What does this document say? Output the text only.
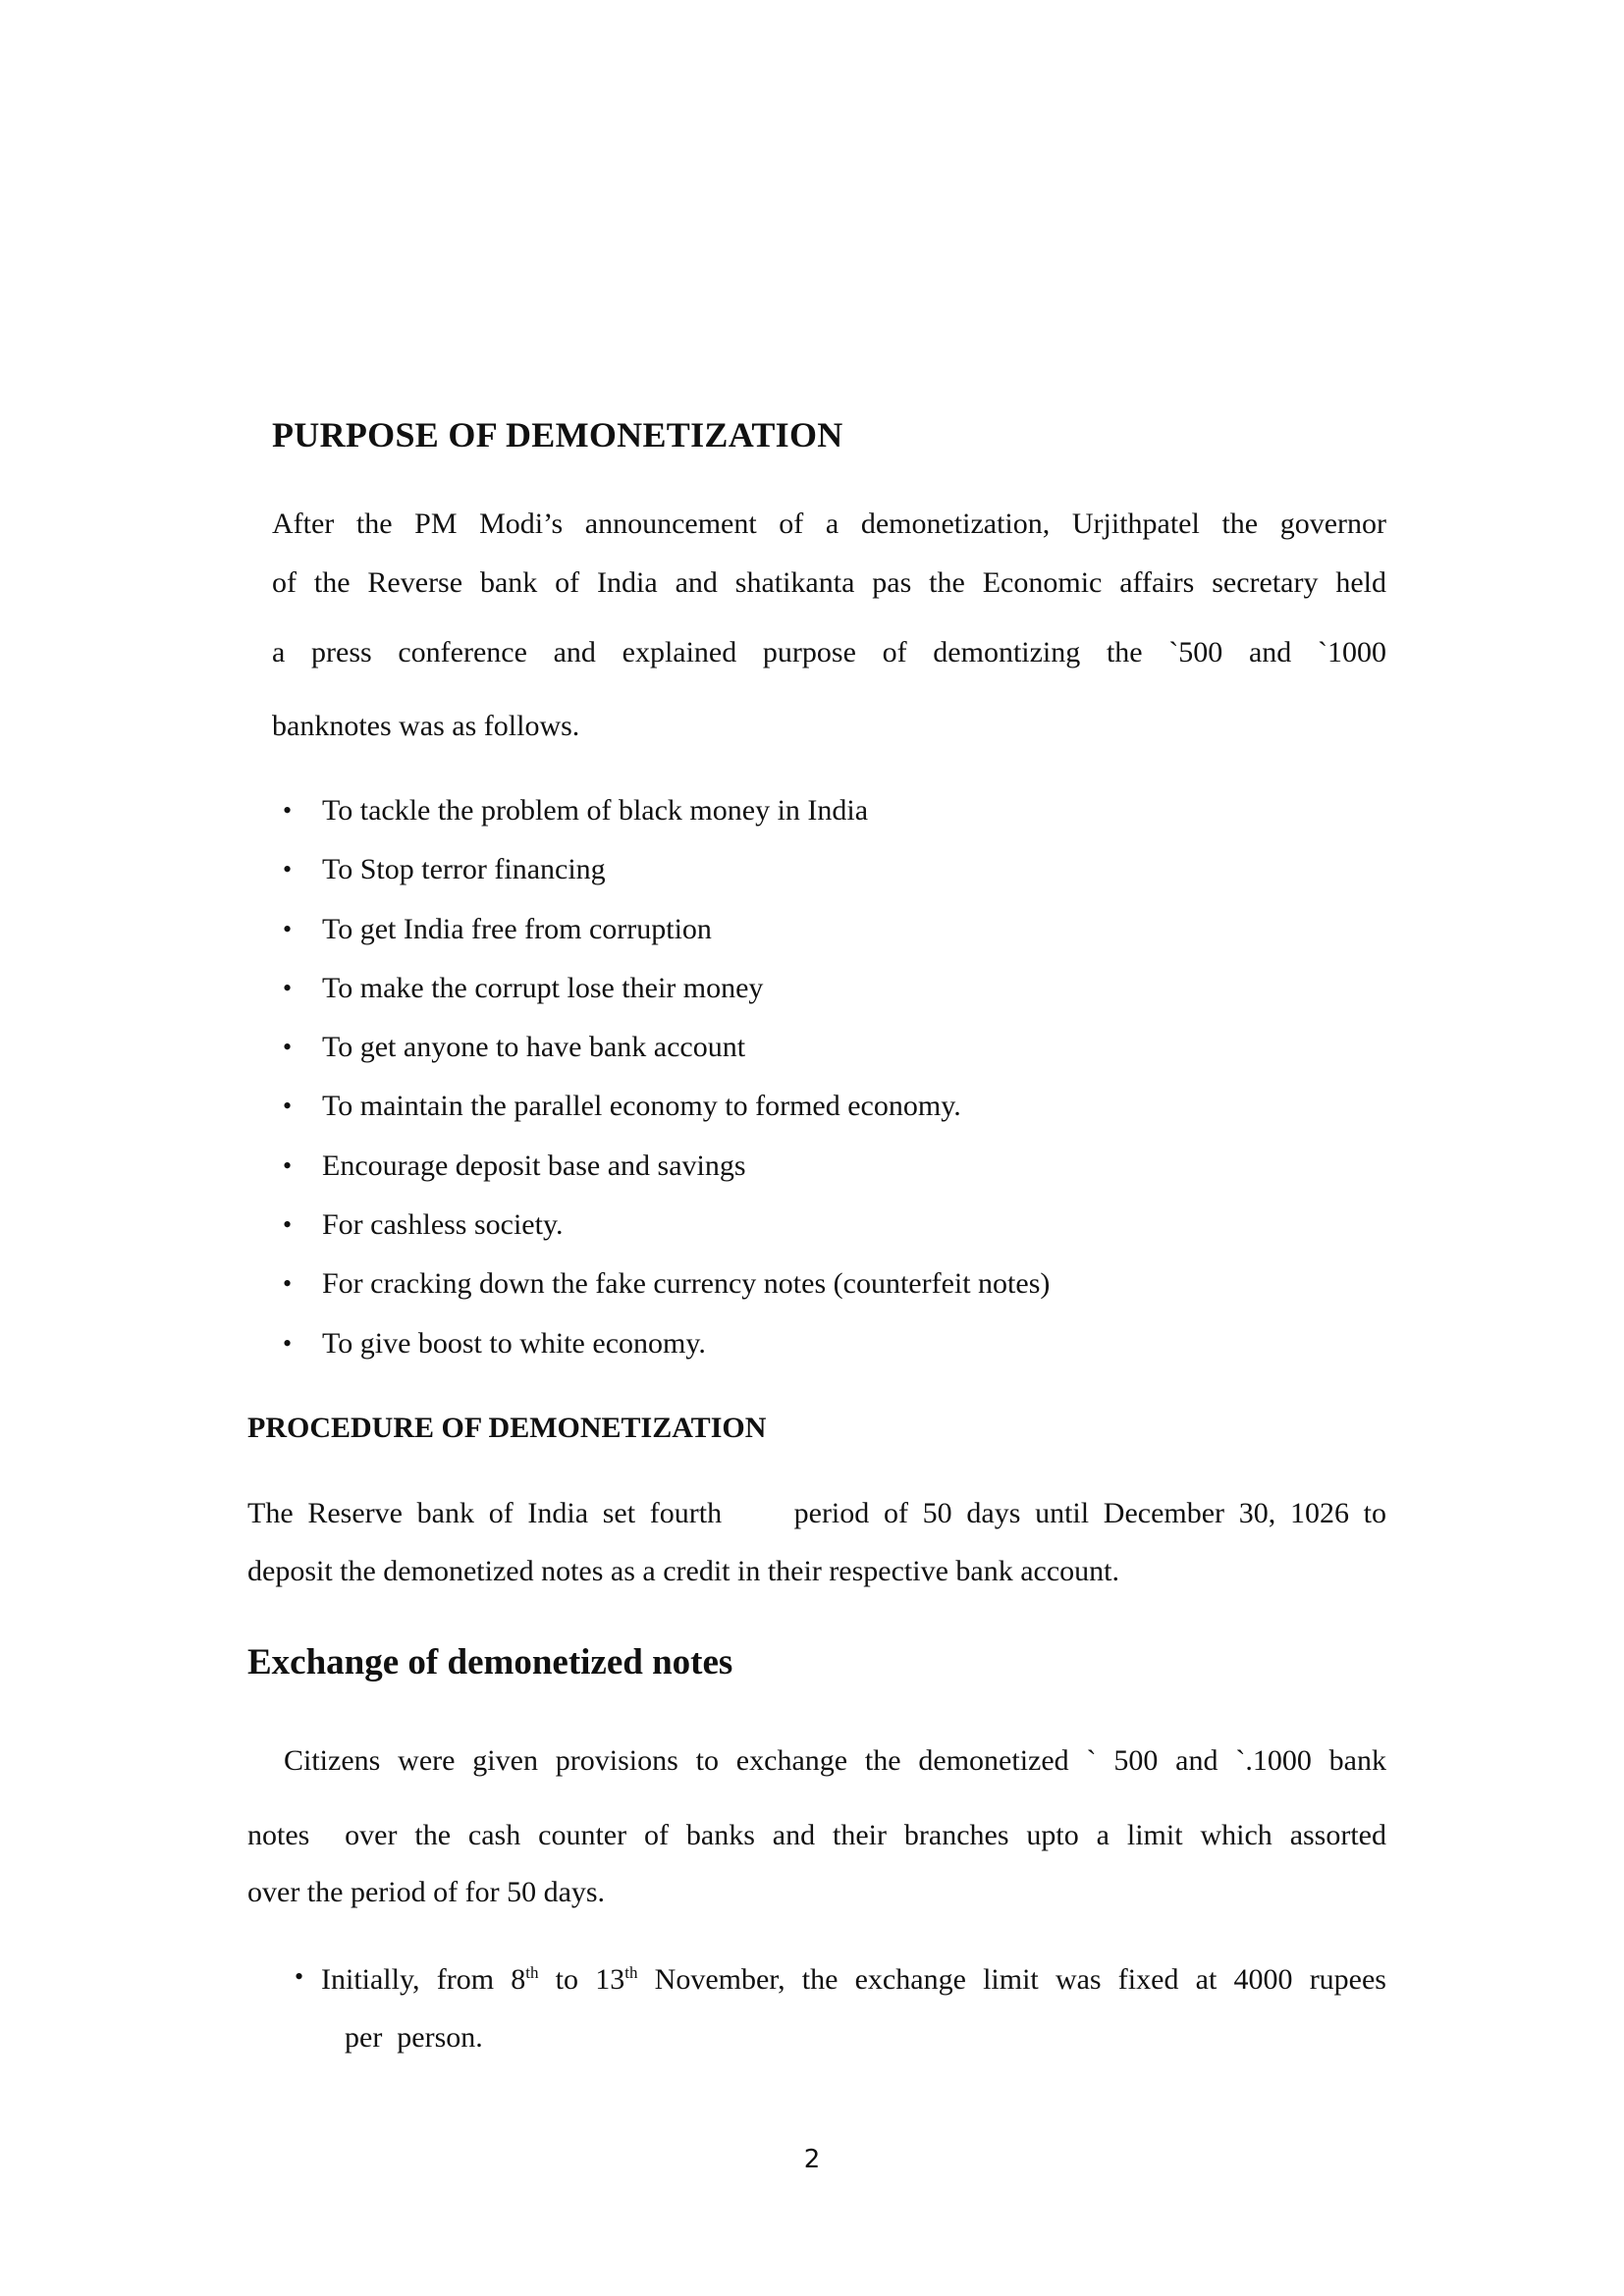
PURPOSE OF DEMONETIZATION
After the PM Modi’s announcement of a demonetization, Urjithpatel the governor
of the Reverse bank of India and shatikanta pas the Economic affairs secretary held
a press conference and explained purpose of demontizing the `500 and `1000
banknotes was as follows.
• To tackle the problem of black money in India
• To Stop terror financing
• To get India free from corruption
• To make the corrupt lose their money
• To get anyone to have bank account
• To maintain the parallel economy to formed economy.
• Encourage deposit base and savings
• For cashless society.
• For cracking down the fake currency notes (counterfeit notes)
• To give boost to white economy.
PROCEDURE OF DEMONETIZATION
The Reserve bank of India set fourth     period of 50 days until December 30, 1026 to
deposit the demonetized notes as a credit in their respective bank account.
Exchange of demonetized notes
Citizens were given provisions to exchange the demonetized ` 500 and `.1000 bank
notes  over the cash counter of banks and their branches upto a limit which assorted
over the period of for 50 days.
• Initially, from 8th to 13th November, the exchange limit was fixed at 4000 rupees
per  person.
2
